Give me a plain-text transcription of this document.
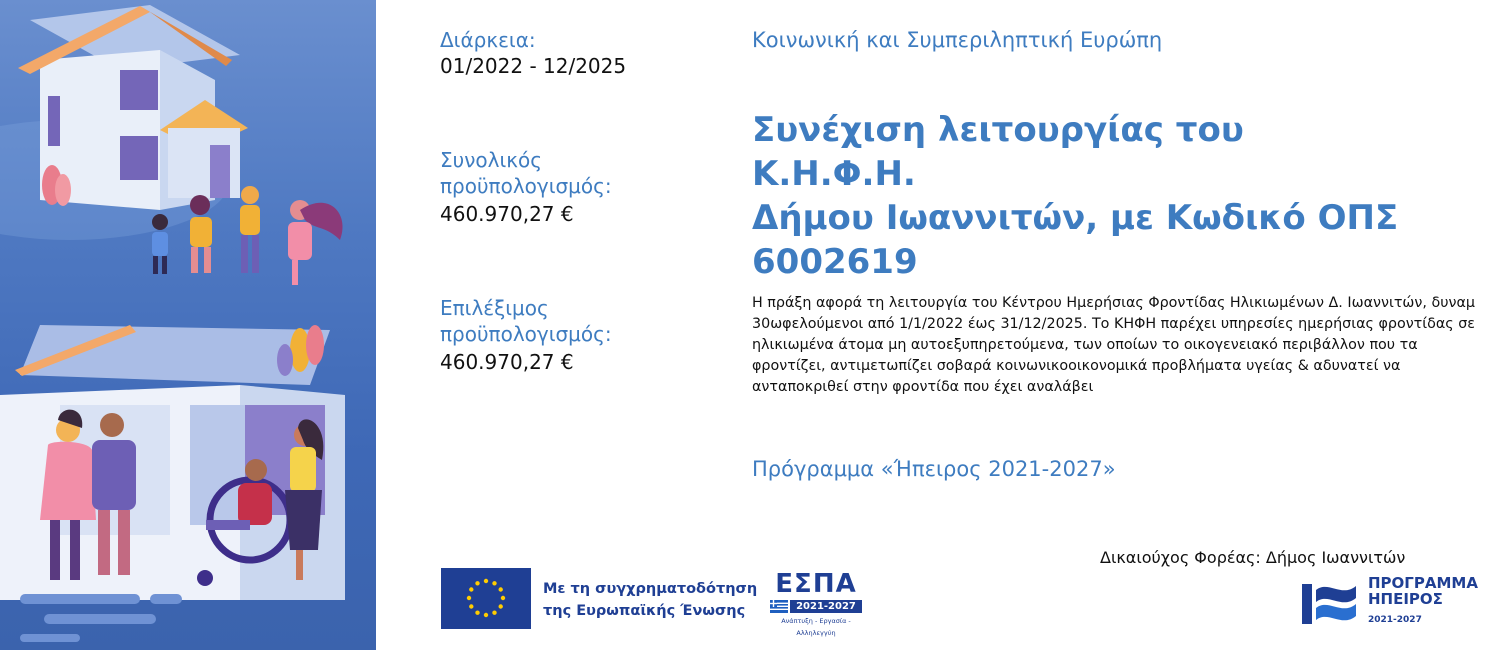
Διάρκεια:
01/2022 - 12/2025
Συνολικός
προϋπολογισμός:
460.970,27 €
Επιλέξιμος
προϋπολογισμός:
460.970,27 €
Κοινωνική και Συμπεριληπτική Ευρώπη
Συνέχιση λειτουργίας του Κ.Η.Φ.Η.
Δήμου Ιωαννιτών, με Κωδικό ΟΠΣ
6002619
Η πράξη αφορά τη λειτουργία του Κέντρου Ημερήσιας Φροντίδας Ηλικιωμένων Δ. Ιωαννιτών, δυναμ 30ωφελούμενοι από 1/1/2022 έως 31/12/2025. Το ΚΗΦΗ παρέχει υπηρεσίες ημερήσιας φροντίδας σε ηλικιωμένα άτομα μη αυτοεξυπηρετούμενα, των οποίων το οικογενειακό περιβάλλον που τα φροντίζει, αντιμετωπίζει σοβαρά κοινωνικοοικονομικά προβλήματα υγείας & αδυνατεί να ανταποκριθεί στην φροντίδα που έχει αναλάβει
Πρόγραμμα «Ήπειρος 2021-2027»
Δικαιούχος Φορέας: Δήμος Ιωαννιτών
Με τη συγχρηματοδότηση
της Ευρωπαϊκής Ένωσης
ΕΣΠΑ
2021-2027
Ανάπτυξη - Εργασία - Αλληλεγγύη
ΠΡΟΓΡΑΜΜΑ
ΗΠΕΙΡΟΣ
2021-2027
